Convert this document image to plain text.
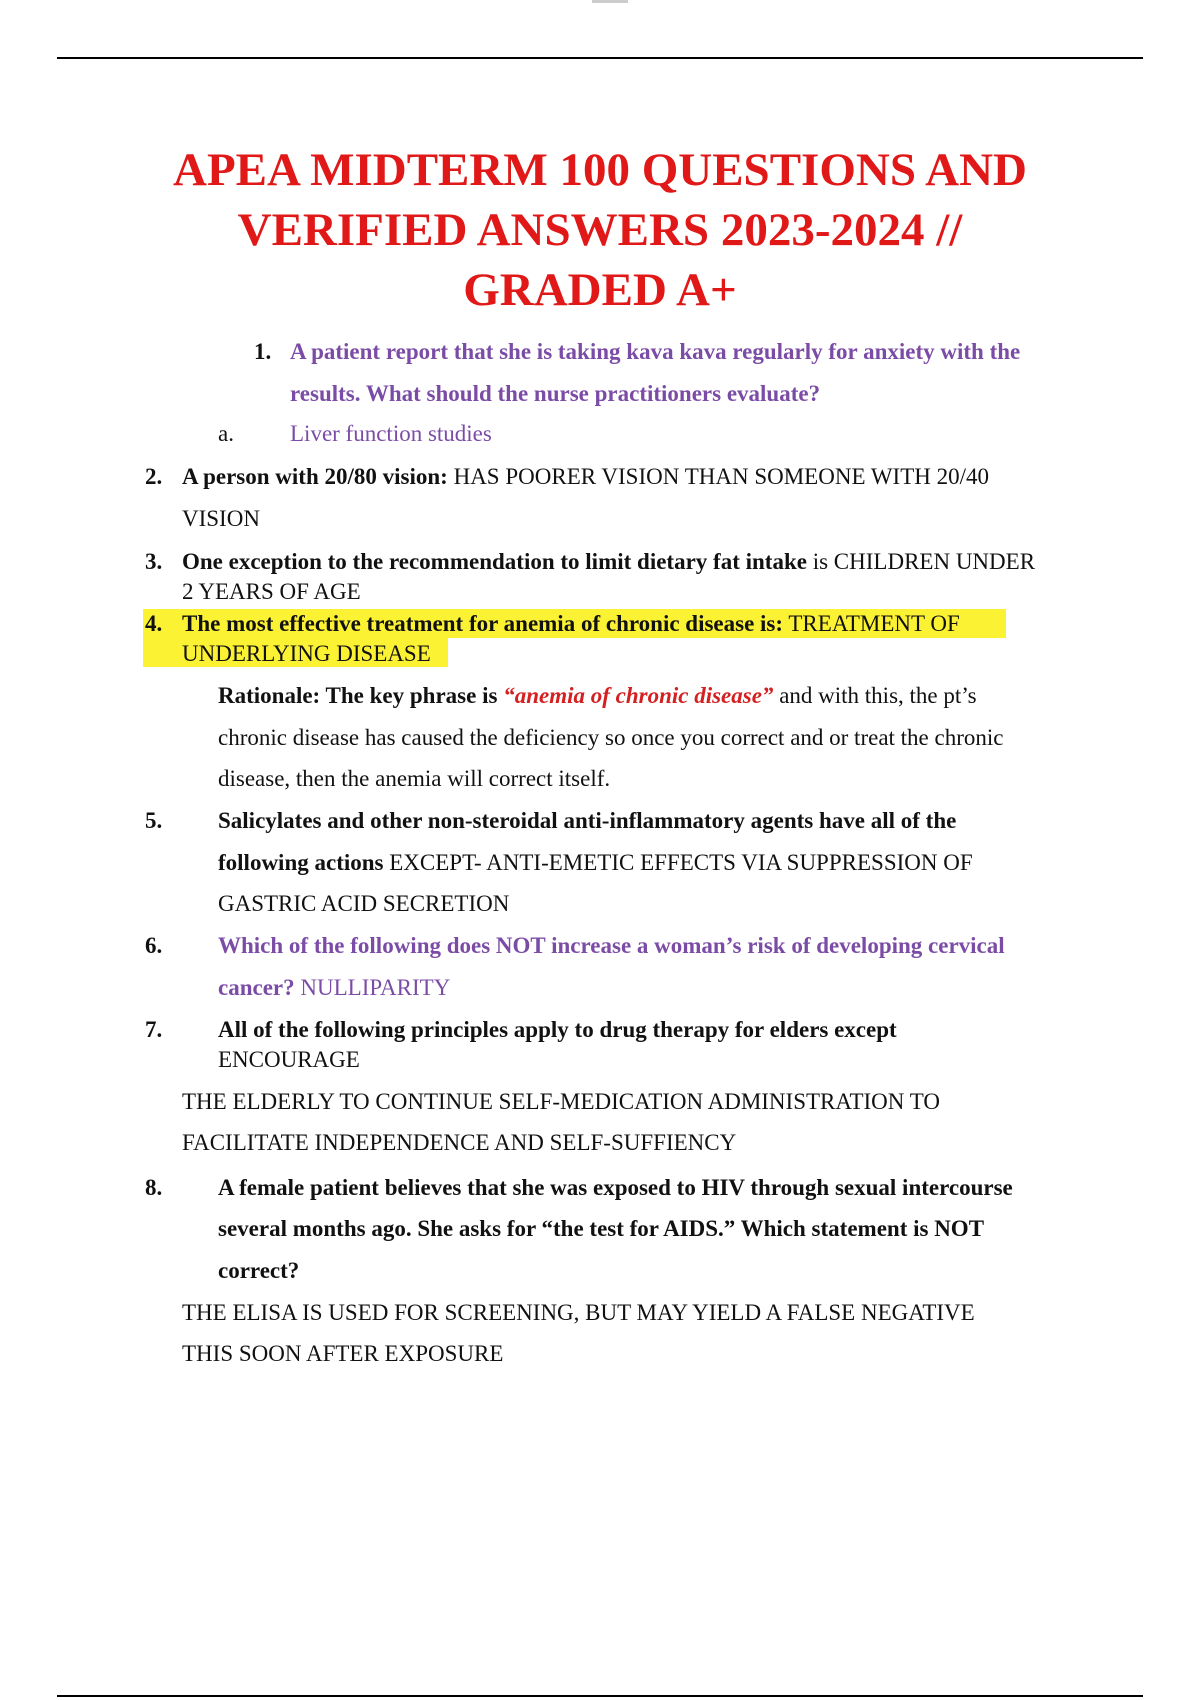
APEA MIDTERM 100 QUESTIONS AND
VERIFIED ANSWERS 2023-2024 //
GRADED A+
1. A patient report that she is taking kava kava regularly for anxiety with the
results. What should the nurse practitioners evaluate?
a. Liver function studies
2. A person with 20/80 vision: HAS POORER VISION THAN SOMEONE WITH 20/40
VISION
3. One exception to the recommendation to limit dietary fat intake is CHILDREN UNDER
2 YEARS OF AGE
4. The most effective treatment for anemia of chronic disease is: TREATMENT OF
UNDERLYING DISEASE
Rationale: The key phrase is “anemia of chronic disease” and with this, the pt’s
chronic disease has caused the deficiency so once you correct and or treat the chronic
disease, then the anemia will correct itself.
5. Salicylates and other non-steroidal anti-inflammatory agents have all of the
following actions EXCEPT- ANTI-EMETIC EFFECTS VIA SUPPRESSION OF
GASTRIC ACID SECRETION
6. Which of the following does NOT increase a woman’s risk of developing cervical
cancer? NULLIPARITY
7. All of the following principles apply to drug therapy for elders except
ENCOURAGE
THE ELDERLY TO CONTINUE SELF-MEDICATION ADMINISTRATION TO
FACILITATE INDEPENDENCE AND SELF-SUFFIENCY
8. A female patient believes that she was exposed to HIV through sexual intercourse
several months ago. She asks for “the test for AIDS.” Which statement is NOT
correct?
THE ELISA IS USED FOR SCREENING, BUT MAY YIELD A FALSE NEGATIVE
THIS SOON AFTER EXPOSURE
